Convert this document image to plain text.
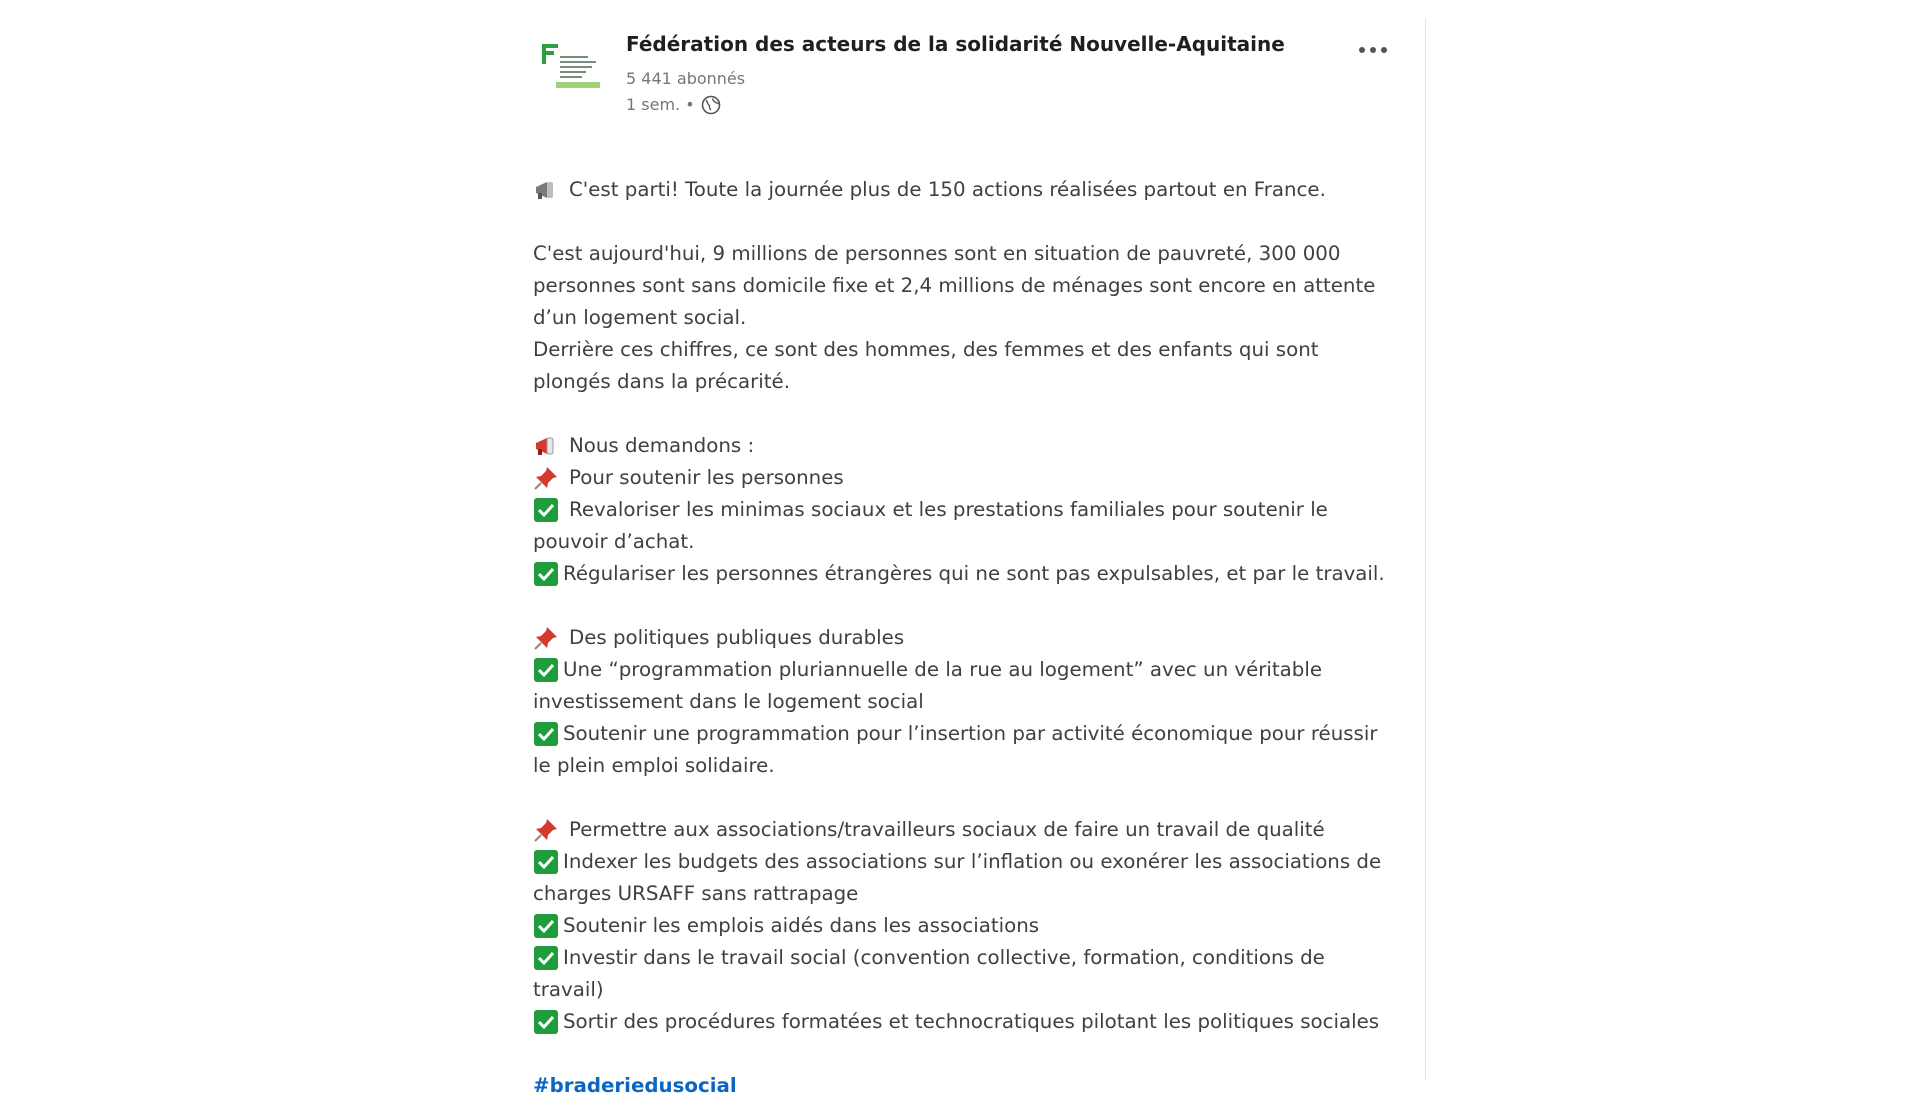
Fédération des acteurs de la solidarité Nouvelle-Aquitaine
5 441 abonnés
1 sem. •
C'est parti! Toute la journée plus de 150 actions réalisées partout en France.
C'est aujourd'hui, 9 millions de personnes sont en situation de pauvreté, 300 000
personnes sont sans domicile fixe et 2,4 millions de ménages sont encore en attente
d’un logement social.
Derrière ces chiffres, ce sont des hommes, des femmes et des enfants qui sont
plongés dans la précarité.
Nous demandons :
Pour soutenir les personnes
Revaloriser les minimas sociaux et les prestations familiales pour soutenir le
pouvoir d’achat.
Régulariser les personnes étrangères qui ne sont pas expulsables, et par le travail.
Des politiques publiques durables
Une “programmation pluriannuelle de la rue au logement” avec un véritable
investissement dans le logement social
Soutenir une programmation pour l’insertion par activité économique pour réussir
le plein emploi solidaire.
Permettre aux associations/travailleurs sociaux de faire un travail de qualité
Indexer les budgets des associations sur l’inflation ou exonérer les associations de
charges URSAFF sans rattrapage
Soutenir les emplois aidés dans les associations
Investir dans le travail social (convention collective, formation, conditions de
travail)
Sortir des procédures formatées et technocratiques pilotant les politiques sociales
#braderiedusocial
